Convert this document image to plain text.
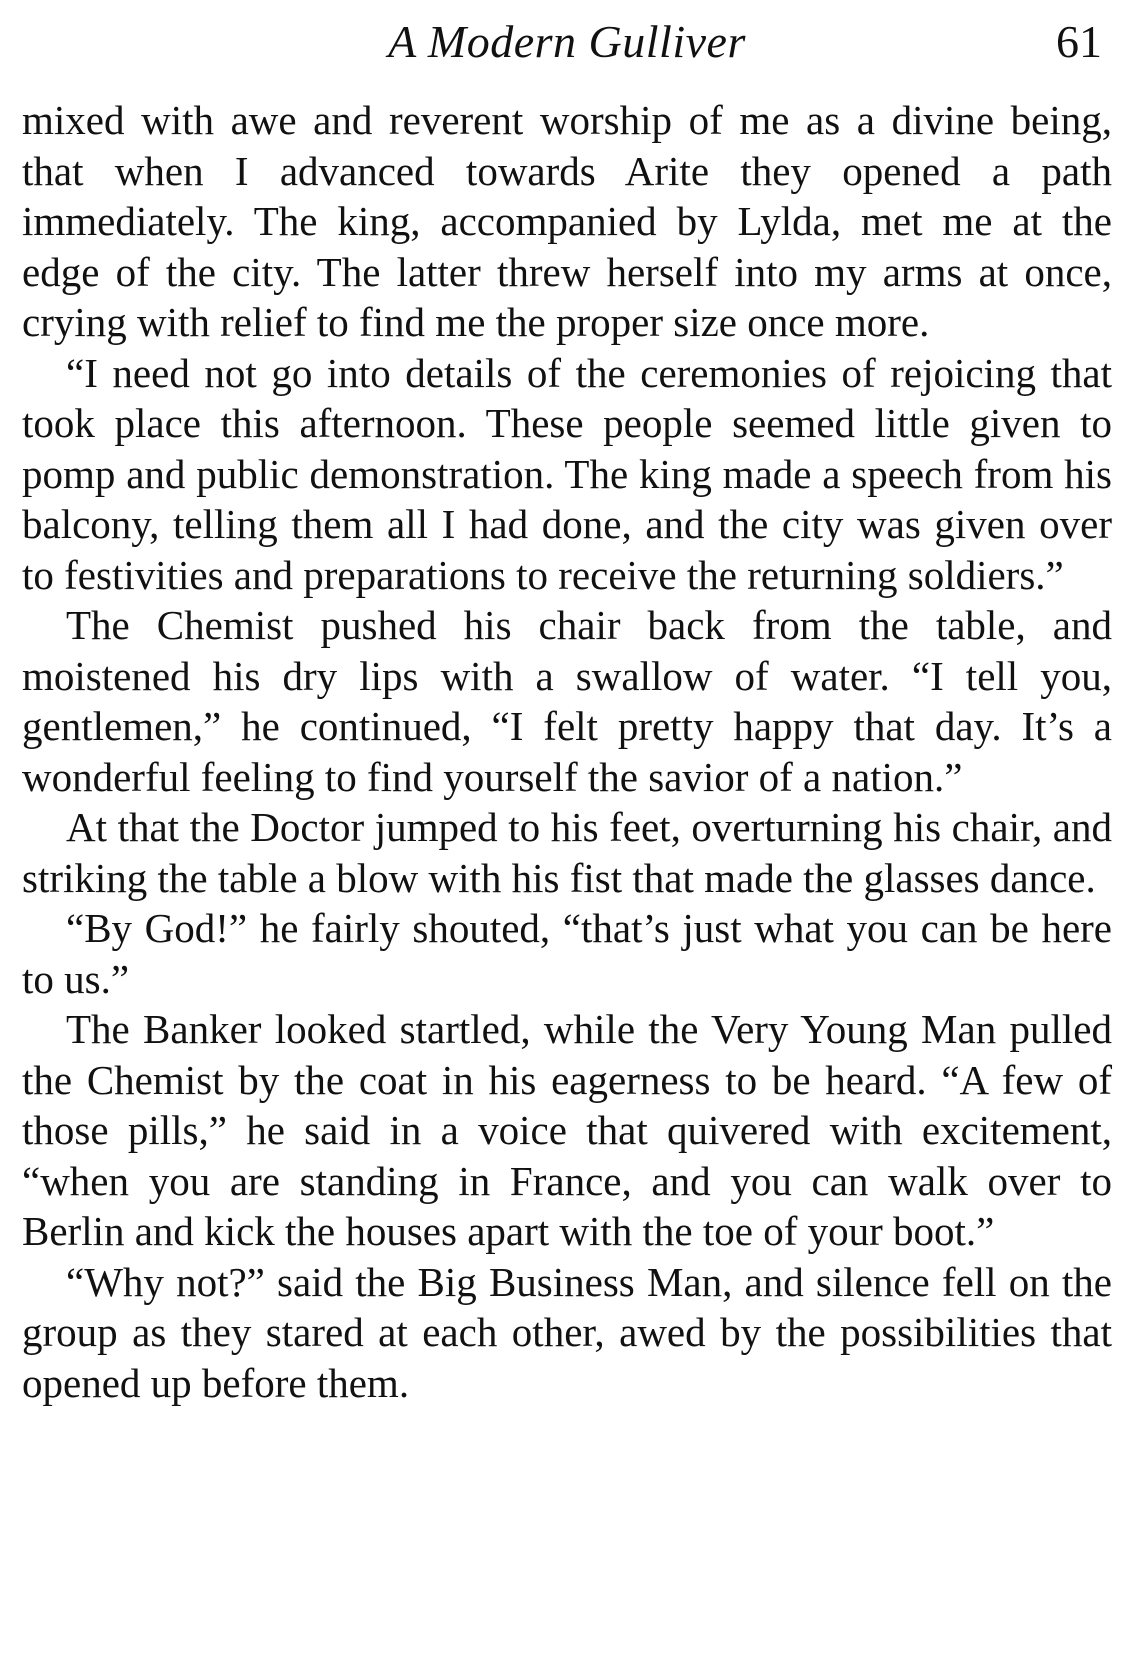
A Modern Gulliver	61

mixed with awe and reverent worship of me as a divine being, that when I advanced towards Arite they opened a path immediately. The king, accompanied by Lylda, met me at the edge of the city. The latter threw herself into my arms at once, crying with relief to find me the proper size once more.

“I need not go into details of the ceremonies of rejoicing that took place this afternoon. These people seemed little given to pomp and public demonstration. The king made a speech from his balcony, telling them all I had done, and the city was given over to festivities and preparations to receive the returning soldiers.”

The Chemist pushed his chair back from the table, and moistened his dry lips with a swallow of water. “I tell you, gentlemen,” he continued, “I felt pretty happy that day. It’s a wonderful feeling to find yourself the savior of a nation.”

At that the Doctor jumped to his feet, overturning his chair, and striking the table a blow with his fist that made the glasses dance.

“By God!” he fairly shouted, “that’s just what you can be here to us.”

The Banker looked startled, while the Very Young Man pulled the Chemist by the coat in his eagerness to be heard. “A few of those pills,” he said in a voice that quivered with excitement, “when you are standing in France, and you can walk over to Berlin and kick the houses apart with the toe of your boot.”

“Why not?” said the Big Business Man, and silence fell on the group as they stared at each other, awed by the possibilities that opened up before them.
